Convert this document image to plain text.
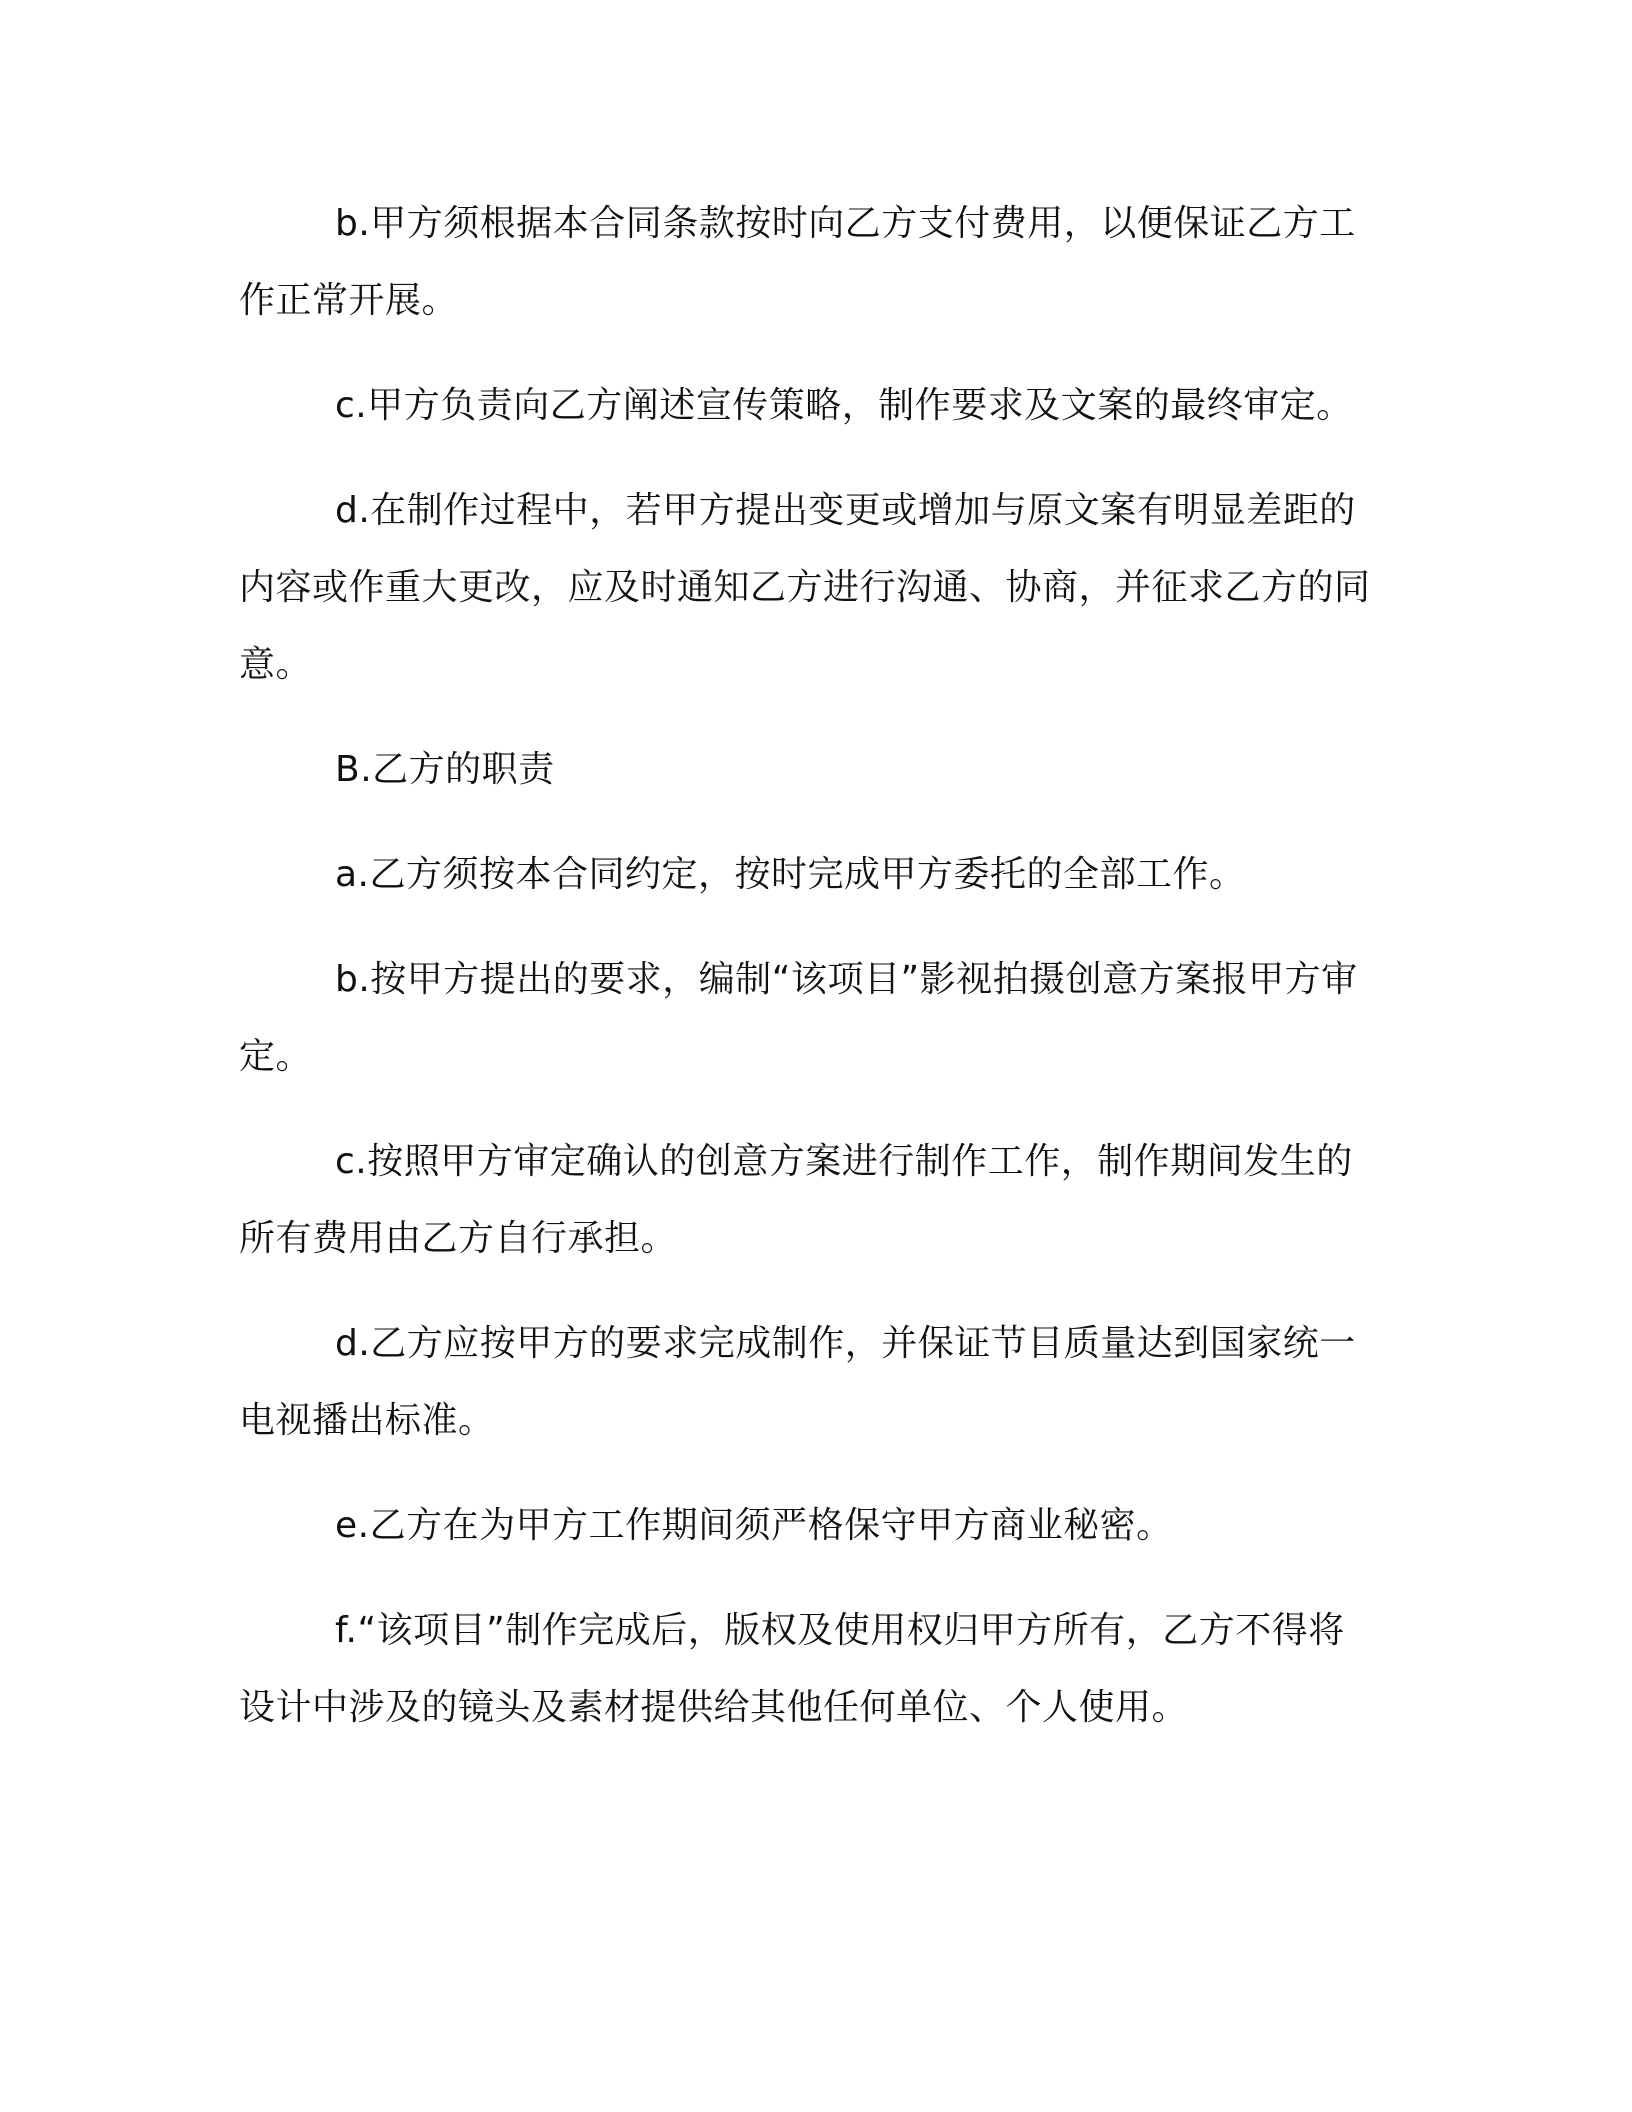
b.甲方须根据本合同条款按时向乙方支付费用，以便保证乙方工作正常开展。

c.甲方负责向乙方阐述宣传策略，制作要求及文案的最终审定。

d.在制作过程中，若甲方提出变更或增加与原文案有明显差距的内容或作重大更改，应及时通知乙方进行沟通、协商，并征求乙方的同意。

B.乙方的职责

a.乙方须按本合同约定，按时完成甲方委托的全部工作。

b.按甲方提出的要求，编制“该项目”影视拍摄创意方案报甲方审定。

c.按照甲方审定确认的创意方案进行制作工作，制作期间发生的所有费用由乙方自行承担。

d.乙方应按甲方的要求完成制作，并保证节目质量达到国家统一电视播出标准。

e.乙方在为甲方工作期间须严格保守甲方商业秘密。

f.“该项目”制作完成后，版权及使用权归甲方所有，乙方不得将设计中涉及的镜头及素材提供给其他任何单位、个人使用。
